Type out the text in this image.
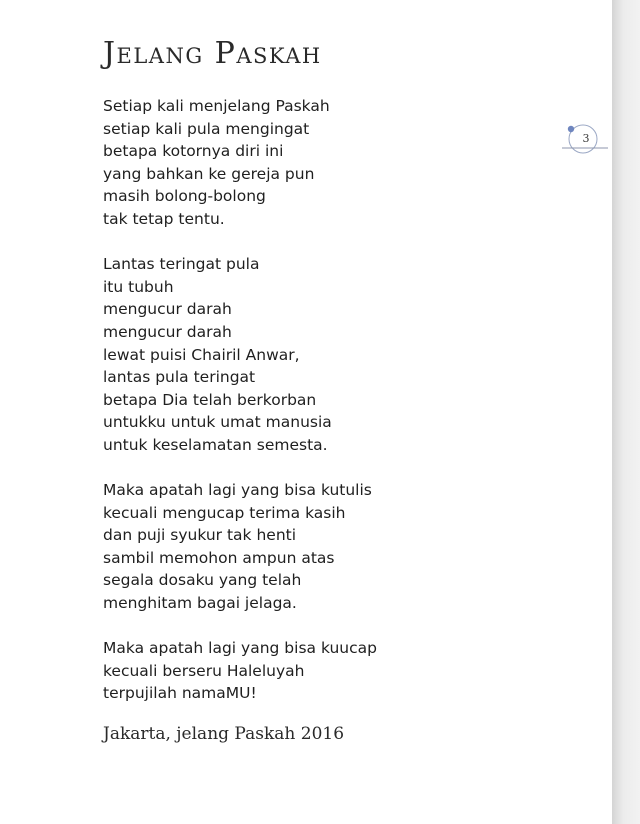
Jelang Paskah
3
Setiap kali menjelang Paskah
setiap kali pula mengingat
betapa kotornya diri ini
yang bahkan ke gereja pun
masih bolong-bolong
tak tetap tentu.
Lantas teringat pula
itu tubuh
mengucur darah
mengucur darah
lewat puisi Chairil Anwar,
lantas pula teringat
betapa Dia telah berkorban
untukku untuk umat manusia
untuk keselamatan semesta.
Maka apatah lagi yang bisa kutulis
kecuali mengucap terima kasih
dan puji syukur tak henti
sambil memohon ampun atas
segala dosaku yang telah
menghitam bagai jelaga.
Maka apatah lagi yang bisa kuucap
kecuali berseru Haleluyah
terpujilah namaMU!
Jakarta, jelang Paskah 2016
